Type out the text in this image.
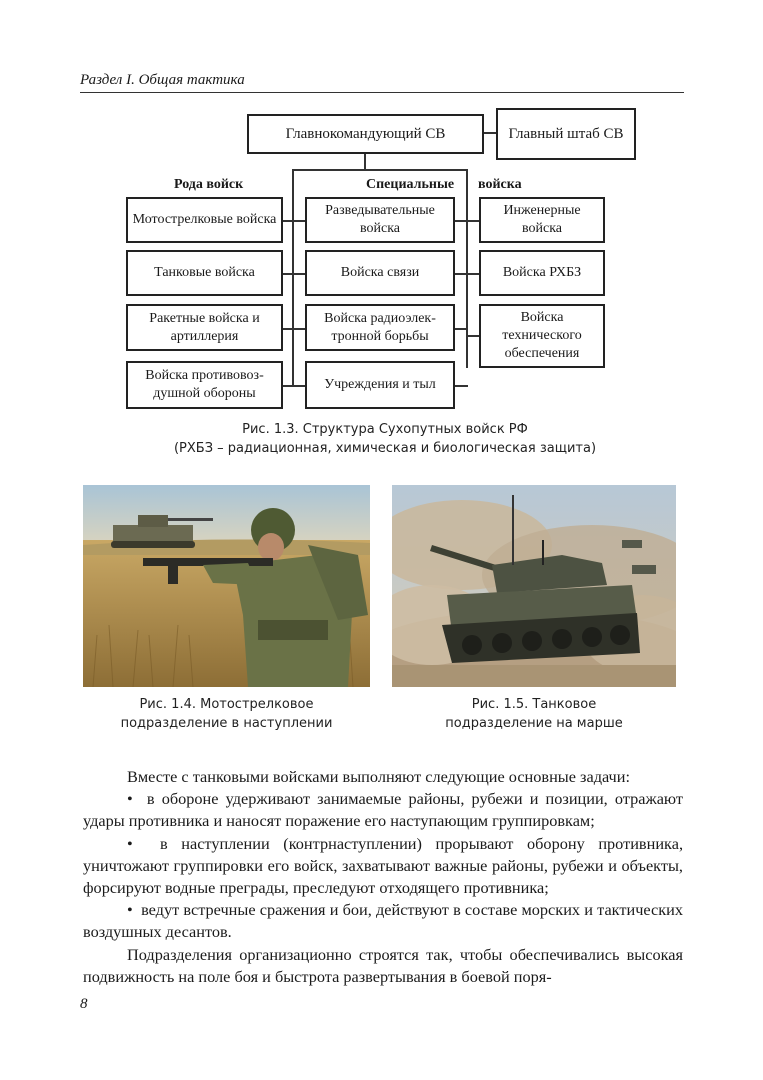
Раздел I. Общая тактика
Главнокомандующий СВ	Главный штаб СВ
Рода войск	Специальные войска
Мотострелковые войска
Танковые войска
Ракетные войска и артиллерия
Войска противовоз-душной обороны
Разведывательные войска
Войска связи
Войска радиоэлек-тронной борьбы
Учреждения и тыл
Инженерные войска
Войска РХБЗ
Войска технического обеспечения
Рис. 1.3. Структура Сухопутных войск РФ
(РХБЗ – радиационная, химическая и биологическая защита)
Рис. 1.4. Мотострелковое
подразделение в наступлении
Рис. 1.5. Танковое
подразделение на марше

Вместе с танковыми войсками выполняют следующие основные задачи:

•  в обороне удерживают занимаемые районы, рубежи и позиции, отражают удары противника и наносят поражение его наступающим группировкам;

•  в наступлении (контрнаступлении) прорывают оборону противника, уничтожают группировки его войск, захватывают важные районы, рубежи и объекты, форсируют водные преграды, преследуют отходящего противника;

•  ведут встречные сражения и бои, действуют в составе морских и тактических воздушных десантов.

Подразделения организационно строятся так, чтобы обеспечивались высокая подвижность на поле боя и быстрота развертывания в боевой поря-

8
